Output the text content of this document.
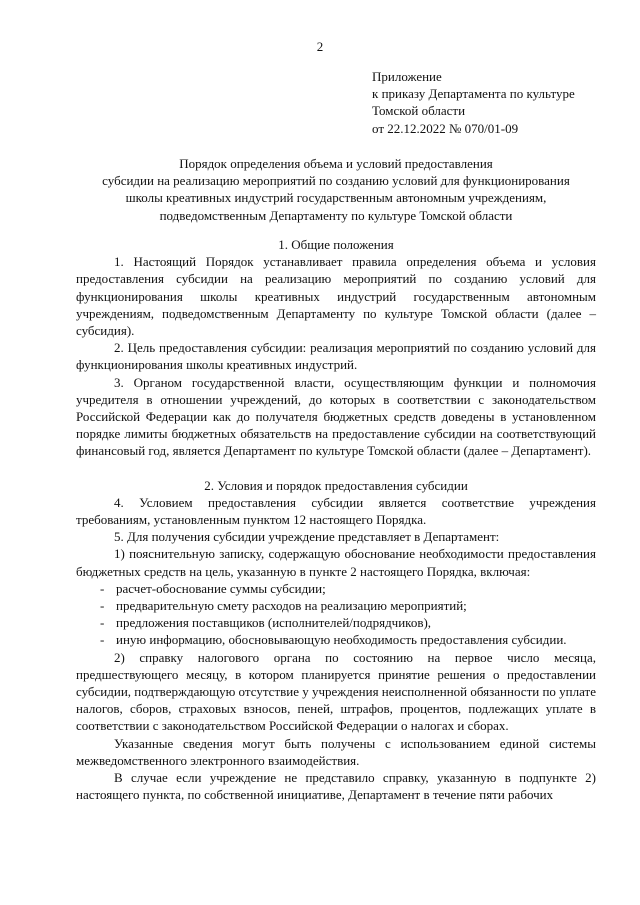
2
Приложение
к приказу Департамента по культуре
Томской области
от 22.12.2022 № 070/01-09
Порядок определения объема и условий предоставления
субсидии на реализацию мероприятий по созданию условий для функционирования
школы креативных индустрий государственным автономным учреждениям,
подведомственным Департаменту по культуре Томской области
1. Общие положения

1. Настоящий Порядок устанавливает правила определения объема и условия предоставления субсидии на реализацию мероприятий по созданию условий для функционирования школы креативных индустрий государственным автономным учреждениям, подведомственным Департаменту по культуре Томской области (далее – субсидия).

2. Цель предоставления субсидии: реализация мероприятий по созданию условий для функционирования школы креативных индустрий.

3. Органом государственной власти, осуществляющим функции и полномочия учредителя в отношении учреждений, до которых в соответствии с законодательством Российской Федерации как до получателя бюджетных средств доведены в установленном порядке лимиты бюджетных обязательств на предоставление субсидии на соответствующий финансовый год, является Департамент по культуре Томской области (далее – Департамент).

2. Условия и порядок предоставления субсидии

4. Условием предоставления субсидии является соответствие учреждения требованиям, установленным пунктом 12 настоящего Порядка.

5. Для получения субсидии учреждение представляет в Департамент:

1) пояснительную записку, содержащую обоснование необходимости предоставления бюджетных средств на цель, указанную в пункте 2 настоящего Порядка, включая:

- расчет-обоснование суммы субсидии;
- предварительную смету расходов на реализацию мероприятий;
- предложения поставщиков (исполнителей/подрядчиков),
- иную информацию, обосновывающую необходимость предоставления субсидии.

2) справку налогового органа по состоянию на первое число месяца, предшествующего месяцу, в котором планируется принятие решения о предоставлении субсидии, подтверждающую отсутствие у учреждения неисполненной обязанности по уплате налогов, сборов, страховых взносов, пеней, штрафов, процентов, подлежащих уплате в соответствии с законодательством Российской Федерации о налогах и сборах.

Указанные сведения могут быть получены с использованием единой системы межведомственного электронного взаимодействия.

В случае если учреждение не представило справку, указанную в подпункте 2) настоящего пункта, по собственной инициативе, Департамент в течение пяти рабочих
